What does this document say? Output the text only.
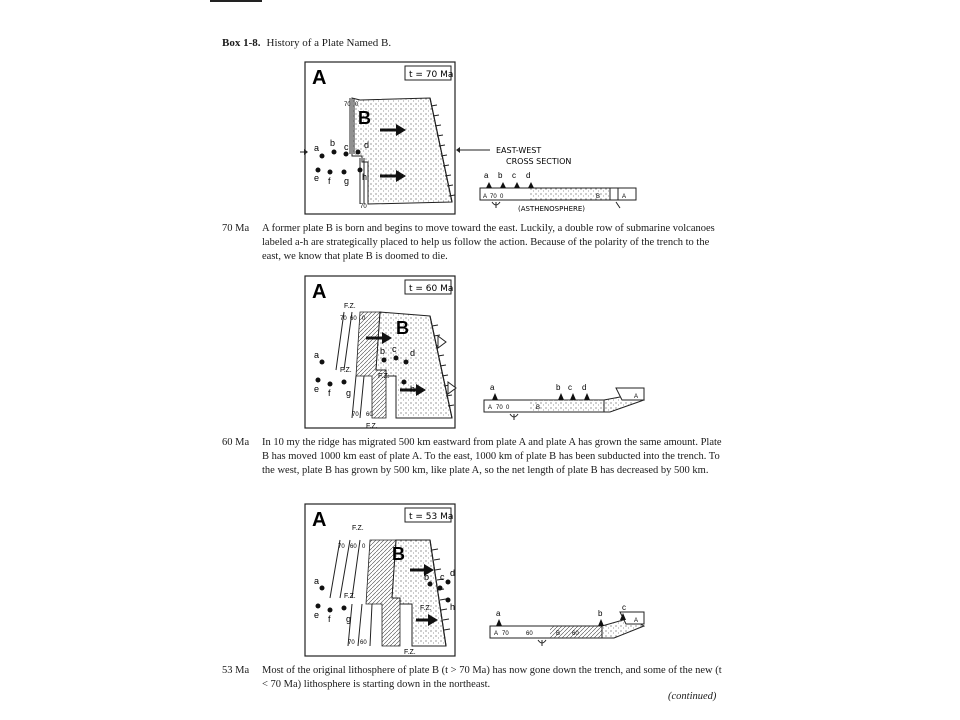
Box 1-8. History of a Plate Named B.
A
B
t = 70 Ma
a b c d
e f g h
70 0
70
EAST-WEST
CROSS SECTION
A 70 0	B	A
a b c d
(ASTHENOSPHERE)
70 Ma	A former plate B is born and begins to move toward the east. Luckily, a double row of submarine volcanoes labeled a-h are strategically placed to help us follow the action. Because of the polarity of the trench to the east, we know that plate B is doomed to die.
A
B
t = 60 Ma
F.Z.
F.Z.
F.Z.
F.Z.
a	b c d
e f g	h
70 60 0
70 60
A 70 0	B
A
a	b c d
60 Ma	In 10 my the ridge has migrated 500 km eastward from plate A and plate A has grown the same amount. Plate B has moved 1000 km east of plate A. To the east, 1000 km of plate B has been subducted into the trench. To the west, plate B has grown by 500 km, like plate A, so the net length of plate B has decreased by 500 km.
A
B
t = 53 Ma
F.Z.
F.Z.
F.Z.
F.Z.
a	b c d
e f g
h
70 60 0
70 60
A 70	60	B 60
A
a	b
c
53 Ma	Most of the original lithosphere of plate B (t > 70 Ma) has now gone down the trench, and some of the new (t < 70 Ma) lithosphere is starting down in the northeast.
(continued)
